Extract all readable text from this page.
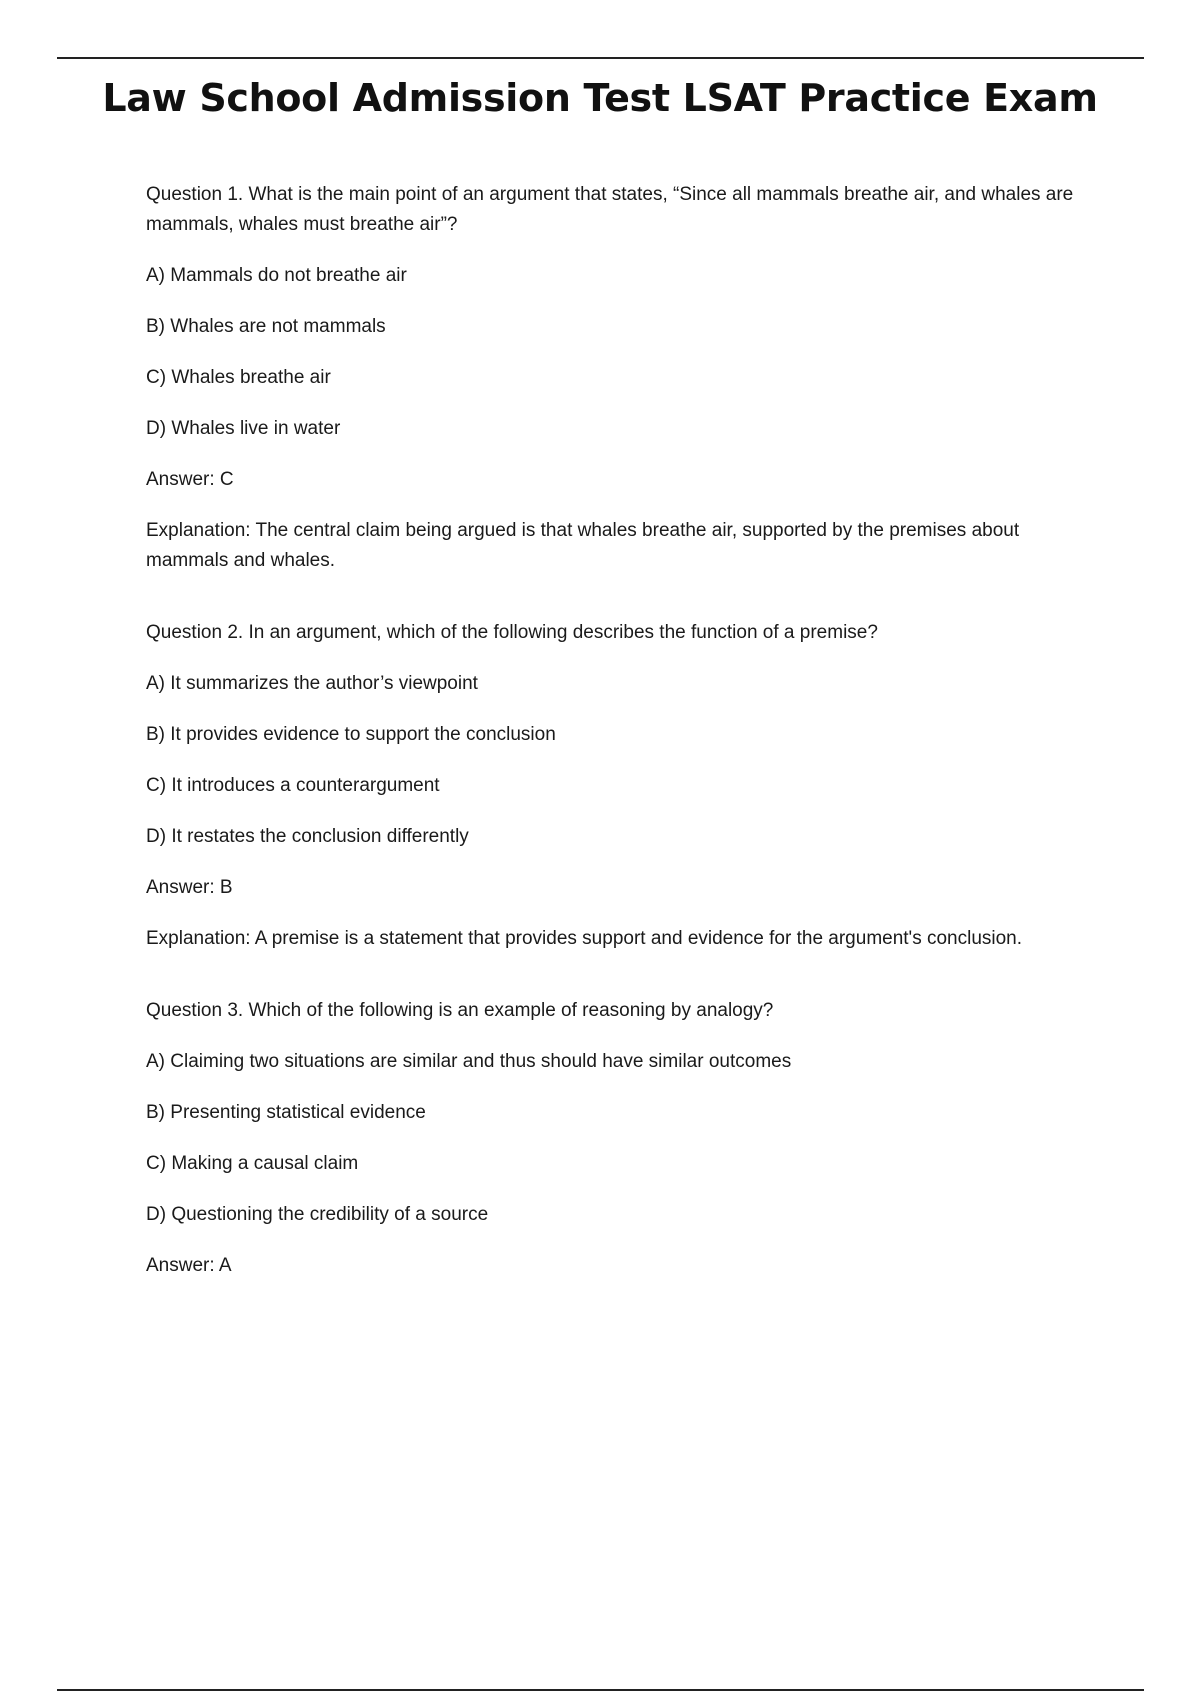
Law School Admission Test LSAT Practice Exam

Question 1. What is the main point of an argument that states, “Since all mammals breathe air, and whales are mammals, whales must breathe air”?

A) Mammals do not breathe air

B) Whales are not mammals

C) Whales breathe air

D) Whales live in water

Answer: C

Explanation: The central claim being argued is that whales breathe air, supported by the premises about mammals and whales.

Question 2. In an argument, which of the following describes the function of a premise?

A) It summarizes the author’s viewpoint

B) It provides evidence to support the conclusion

C) It introduces a counterargument

D) It restates the conclusion differently

Answer: B

Explanation: A premise is a statement that provides support and evidence for the argument's conclusion.

Question 3. Which of the following is an example of reasoning by analogy?

A) Claiming two situations are similar and thus should have similar outcomes

B) Presenting statistical evidence

C) Making a causal claim

D) Questioning the credibility of a source

Answer: A
